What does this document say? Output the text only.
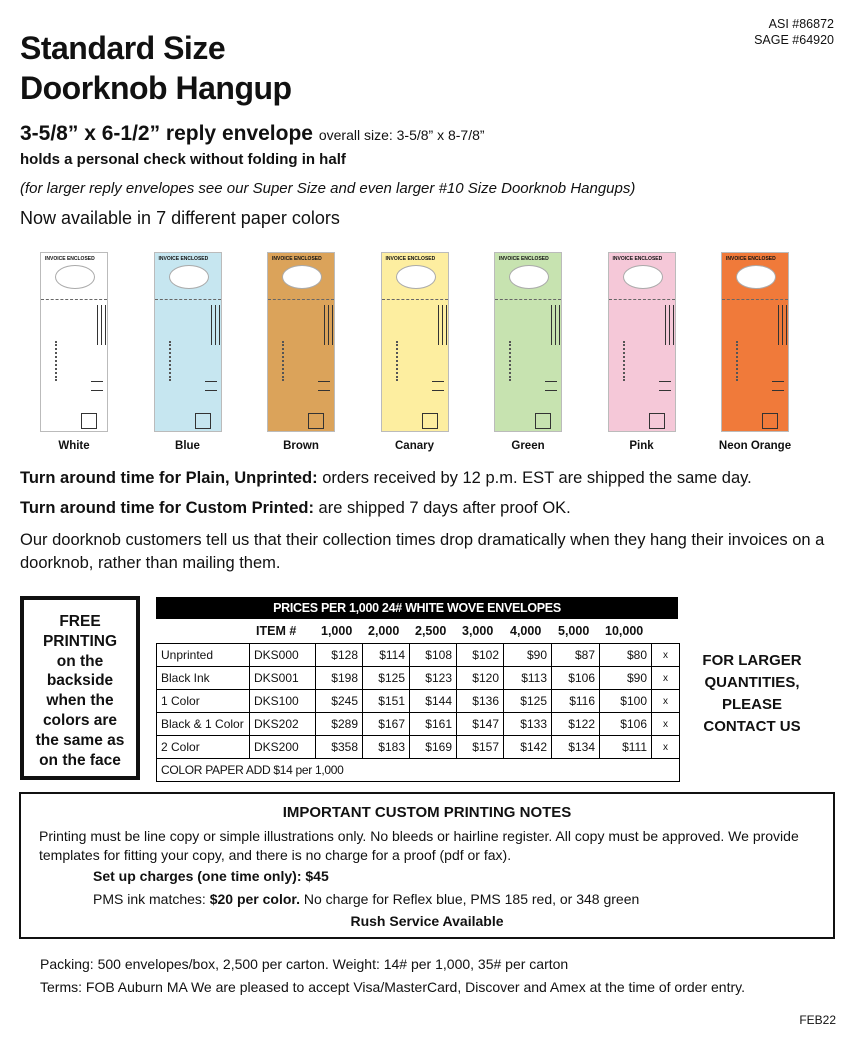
ASI #86872
SAGE #64920
Standard Size
Doorknob Hangup
3-5/8” x 6-1/2” reply envelope overall size: 3-5/8” x 8-7/8”
holds a personal check without folding in half
(for larger reply envelopes see our Super Size and even larger #10 Size Doorknob Hangups)
Now available in 7 different paper colors
INVOICE ENCLOSED
White
INVOICE ENCLOSED
Blue
INVOICE ENCLOSED
Brown
INVOICE ENCLOSED
Canary
INVOICE ENCLOSED
Green
INVOICE ENCLOSED
Pink
INVOICE ENCLOSED
Neon Orange
Turn around time for Plain, Unprinted: orders received by 12 p.m. EST are shipped the same day.
Turn around time for Custom Printed: are shipped 7 days after proof OK.
Our doorknob customers tell us that their collection times drop dramatically when they hang their invoices on a doorknob, rather than mailing them.
FREE
PRINTING
on the
backside
when the
colors are
the same as
on the face
PRICES PER 1,000 24# WHITE WOVE ENVELOPES
ITEM # 1,000 2,000 2,500 3,000 4,000 5,000 10,000
Unprinted	DKS000	$128	$114	$108	$102	$90	$87	$80	x
Black Ink	DKS001	$198	$125	$123	$120	$113	$106	$90	x
1 Color	DKS100	$245	$151	$144	$136	$125	$116	$100	x
Black & 1 Color	DKS202	$289	$167	$161	$147	$133	$122	$106	x
2 Color	DKS200	$358	$183	$169	$157	$142	$134	$111	x
COLOR PAPER ADD $14 per 1,000									
FOR LARGER
QUANTITIES,
PLEASE
CONTACT US
IMPORTANT CUSTOM PRINTING NOTES
Printing must be line copy or simple illustrations only. No bleeds or hairline register. All copy must be approved. We provide templates for fitting your copy, and there is no charge for a proof (pdf or fax).
Set up charges (one time only): $45
PMS ink matches: $20 per color. No charge for Reflex blue, PMS 185 red, or 348 green
Rush Service Available
Packing: 500 envelopes/box, 2,500 per carton. Weight: 14# per 1,000, 35# per carton
Terms: FOB Auburn MA We are pleased to accept Visa/MasterCard, Discover and Amex at the time of order entry.
FEB22
